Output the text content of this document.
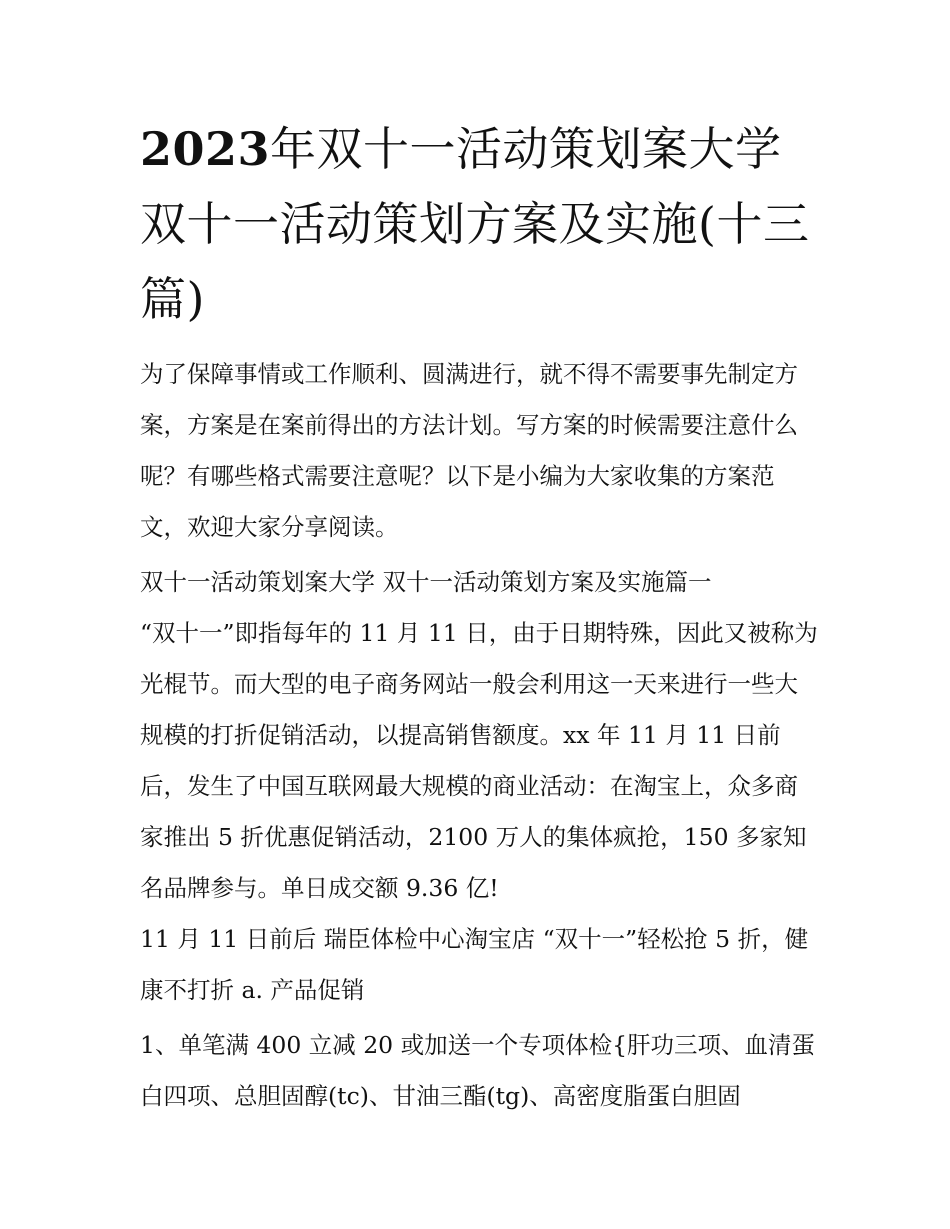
2023年双十一活动策划案大学双十一活动策划方案及实施(十三篇)

为了保障事情或工作顺利、圆满进行，就不得不需要事先制定方案，方案是在案前得出的方法计划。写方案的时候需要注意什么呢？有哪些格式需要注意呢？以下是小编为大家收集的方案范文，欢迎大家分享阅读。

双十一活动策划案大学 双十一活动策划方案及实施篇一

“双十一”即指每年的 11 月 11 日，由于日期特殊，因此又被称为光棍节。而大型的电子商务网站一般会利用这一天来进行一些大规模的打折促销活动，以提高销售额度。xx 年 11 月 11 日前后，发生了中国互联网最大规模的商业活动：在淘宝上，众多商家推出 5 折优惠促销活动，2100 万人的集体疯抢，150 多家知名品牌参与。单日成交额 9.36 亿!

11 月 11 日前后 瑞臣体检中心淘宝店 “双十一”轻松抢 5 折，健康不打折 a. 产品促销

1、单笔满 400 立减 20 或加送一个专项体检{肝功三项、血清蛋白四项、总胆固醇(tc)、甘油三酯(tg)、高密度脂蛋白胆固
